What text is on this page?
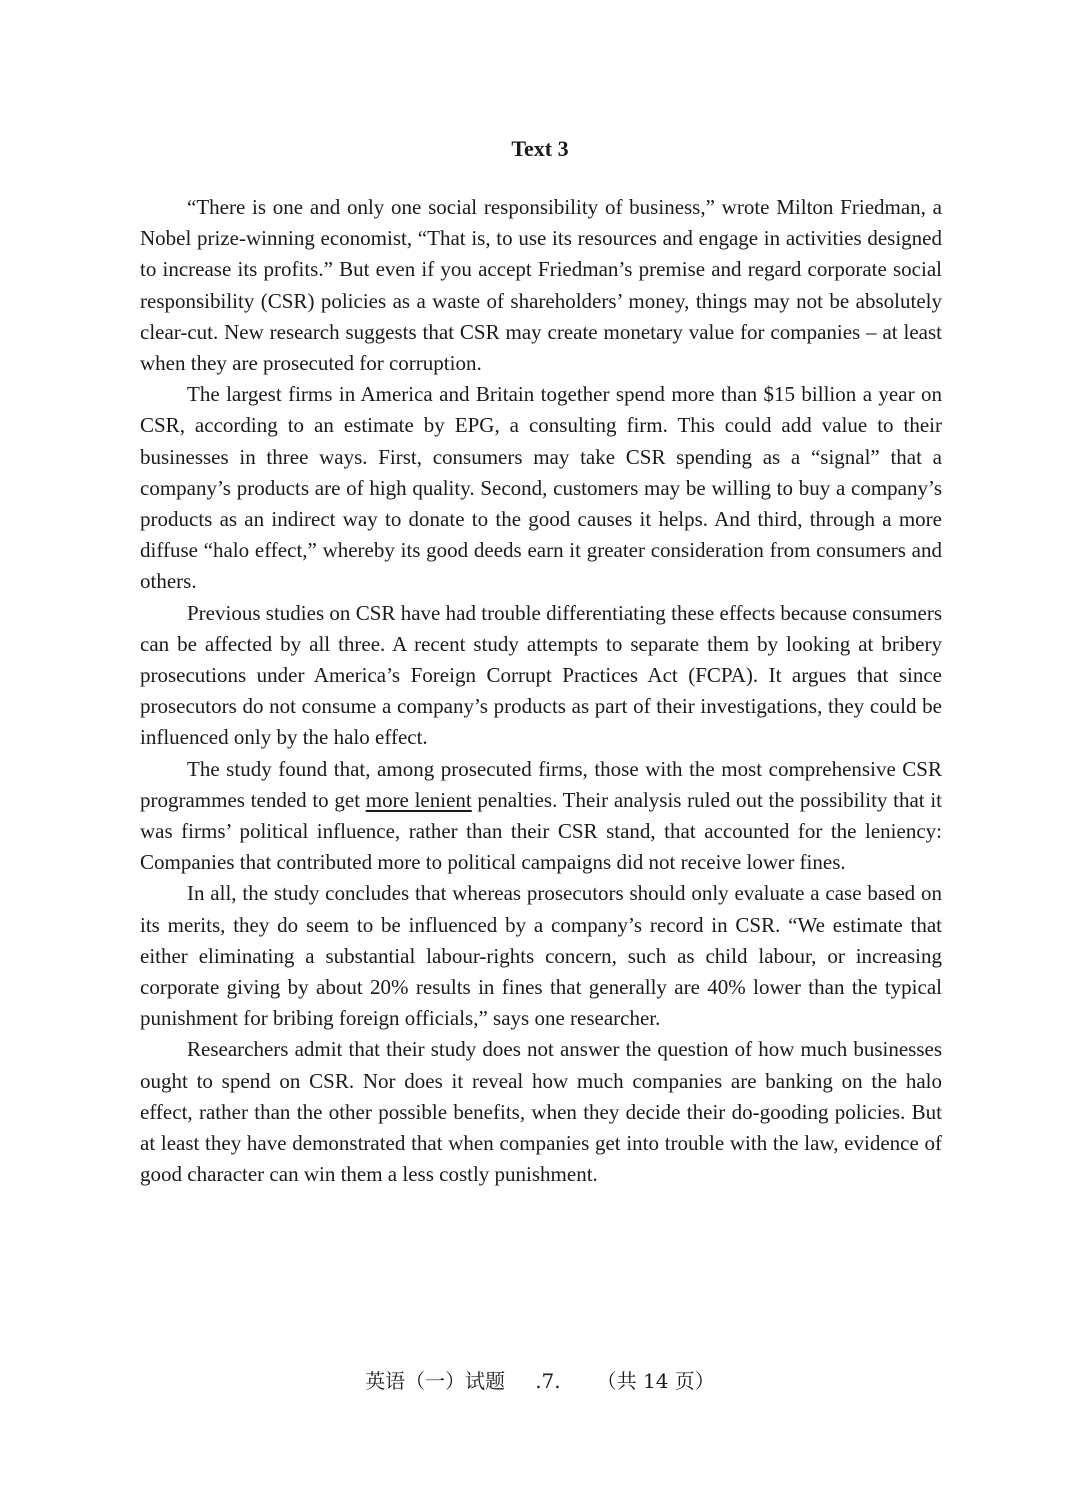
Text 3

“There is one and only one social responsibility of business,” wrote Milton Friedman, a Nobel prize-winning economist, “That is, to use its resources and engage in activities designed to increase its profits.” But even if you accept Friedman’s premise and regard corporate social responsibility (CSR) policies as a waste of shareholders’ money, things may not be absolutely clear-cut. New research suggests that CSR may create monetary value for companies – at least when they are prosecuted for corruption.

The largest firms in America and Britain together spend more than $15 billion a year on CSR, according to an estimate by EPG, a consulting firm. This could add value to their businesses in three ways. First, consumers may take CSR spending as a “signal” that a company’s products are of high quality. Second, customers may be willing to buy a company’s products as an indirect way to donate to the good causes it helps. And third, through a more diffuse “halo effect,” whereby its good deeds earn it greater consideration from consumers and others.

Previous studies on CSR have had trouble differentiating these effects because consumers can be affected by all three. A recent study attempts to separate them by looking at bribery prosecutions under America’s Foreign Corrupt Practices Act (FCPA). It argues that since prosecutors do not consume a company’s products as part of their investigations, they could be influenced only by the halo effect.

The study found that, among prosecuted firms, those with the most comprehensive CSR programmes tended to get more lenient penalties. Their analysis ruled out the possibility that it was firms’ political influence, rather than their CSR stand, that accounted for the leniency: Companies that contributed more to political campaigns did not receive lower fines.

In all, the study concludes that whereas prosecutors should only evaluate a case based on its merits, they do seem to be influenced by a company’s record in CSR. “We estimate that either eliminating a substantial labour-rights concern, such as child labour, or increasing corporate giving by about 20% results in fines that generally are 40% lower than the typical punishment for bribing foreign officials,” says one researcher.

Researchers admit that their study does not answer the question of how much businesses ought to spend on CSR. Nor does it reveal how much companies are banking on the halo effect, rather than the other possible benefits, when they decide their do-gooding policies. But at least they have demonstrated that when companies get into trouble with the law, evidence of good character can win them a less costly punishment.

英语（一）试题 .7. （共 14 页）
